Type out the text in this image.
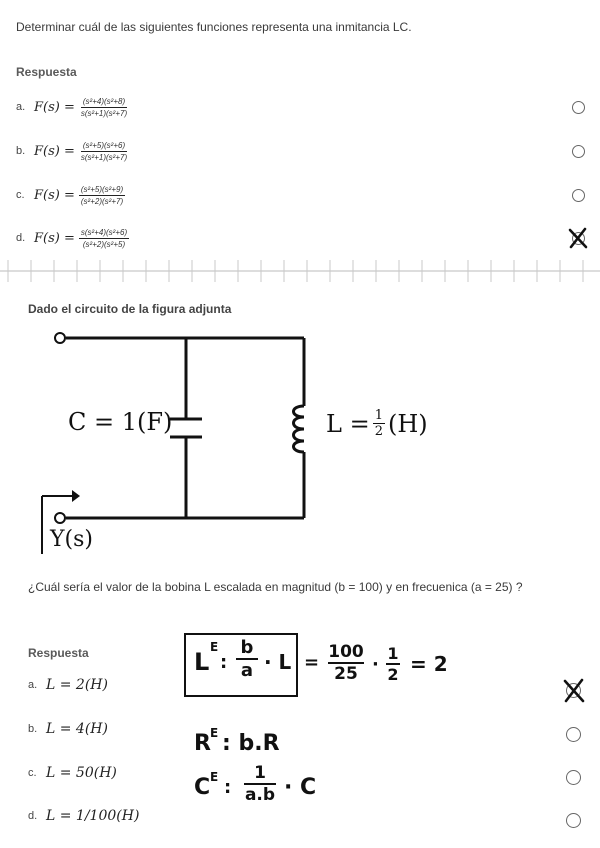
Determinar cuál de las siguientes funciones representa una inmitancia LC.
Respuesta
a. $F(s) = \frac{\text{(s²+4)(s²+8)}}{\text{s(s²+1)(s²+7)}}$
b. $F(s) = \frac{\text{(s²+5)(s²+6)}}{\text{s(s²+1)(s²+7)}}$
c. $F(s) = \frac{\text{(s²+5)(s²+9)}}{\text{(s²+2)(s²+7)}}$
d. $F(s) = \frac{\text{s(s²+4)(s²+6)}}{\text{(s²+2)(s²+5)}}$
Dado el circuito de la figura adjunta
C = 1(F)	$L = \frac{1}{2} (H)$
Y(s)
¿Cuál sería el valor de la bobina L escalada en magnitud (b = 100) y en frecuenica (a = 25) ?
Respuesta
a. L = 2(H)
b. L = 4(H)
c. L = 50(H)
d. L = 1/100(H)
L
E
:
b
a · L = 100
25 ·
1
2 = 2
R E : b.R
C E :
1
a.b · C
